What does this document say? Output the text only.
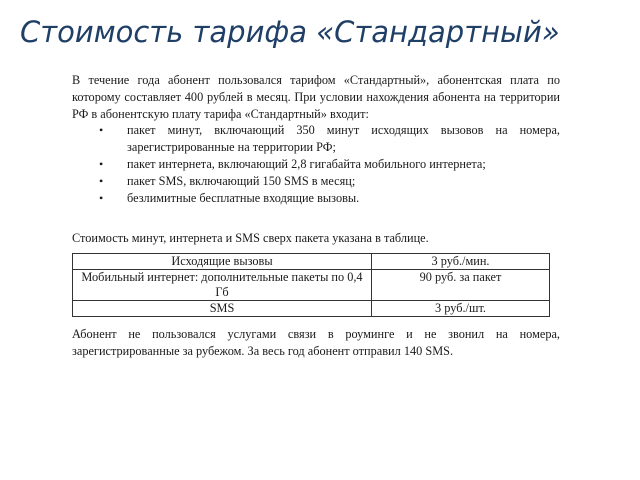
Стоимость тарифа «Стандартный»

В течение года абонент пользовался тарифом «Стандартный», абонентская плата по которому составляет 400 рублей в месяц. При условии нахождения абонента на территории РФ в абонентскую плату тарифа «Стандартный» входит:

• пакет минут, включающий 350 минут исходящих вызовов на номера, зарегистрированные на территории РФ;
• пакет интернета, включающий 2,8 гигабайта мобильного интернета;
• пакет SMS, включающий 150 SMS в месяц;
• безлимитные бесплатные входящие вызовы.

Стоимость минут, интернета и SMS сверх пакета указана в таблице.

Исходящие вызовы	3 руб./мин.
Мобильный интернет: дополнительные пакеты по 0,4 Гб	90 руб. за пакет
SMS	3 руб./шт.

Абонент не пользовался услугами связи в роуминге и не звонил на номера, зарегистрированные за рубежом. За весь год абонент отправил 140 SMS.
